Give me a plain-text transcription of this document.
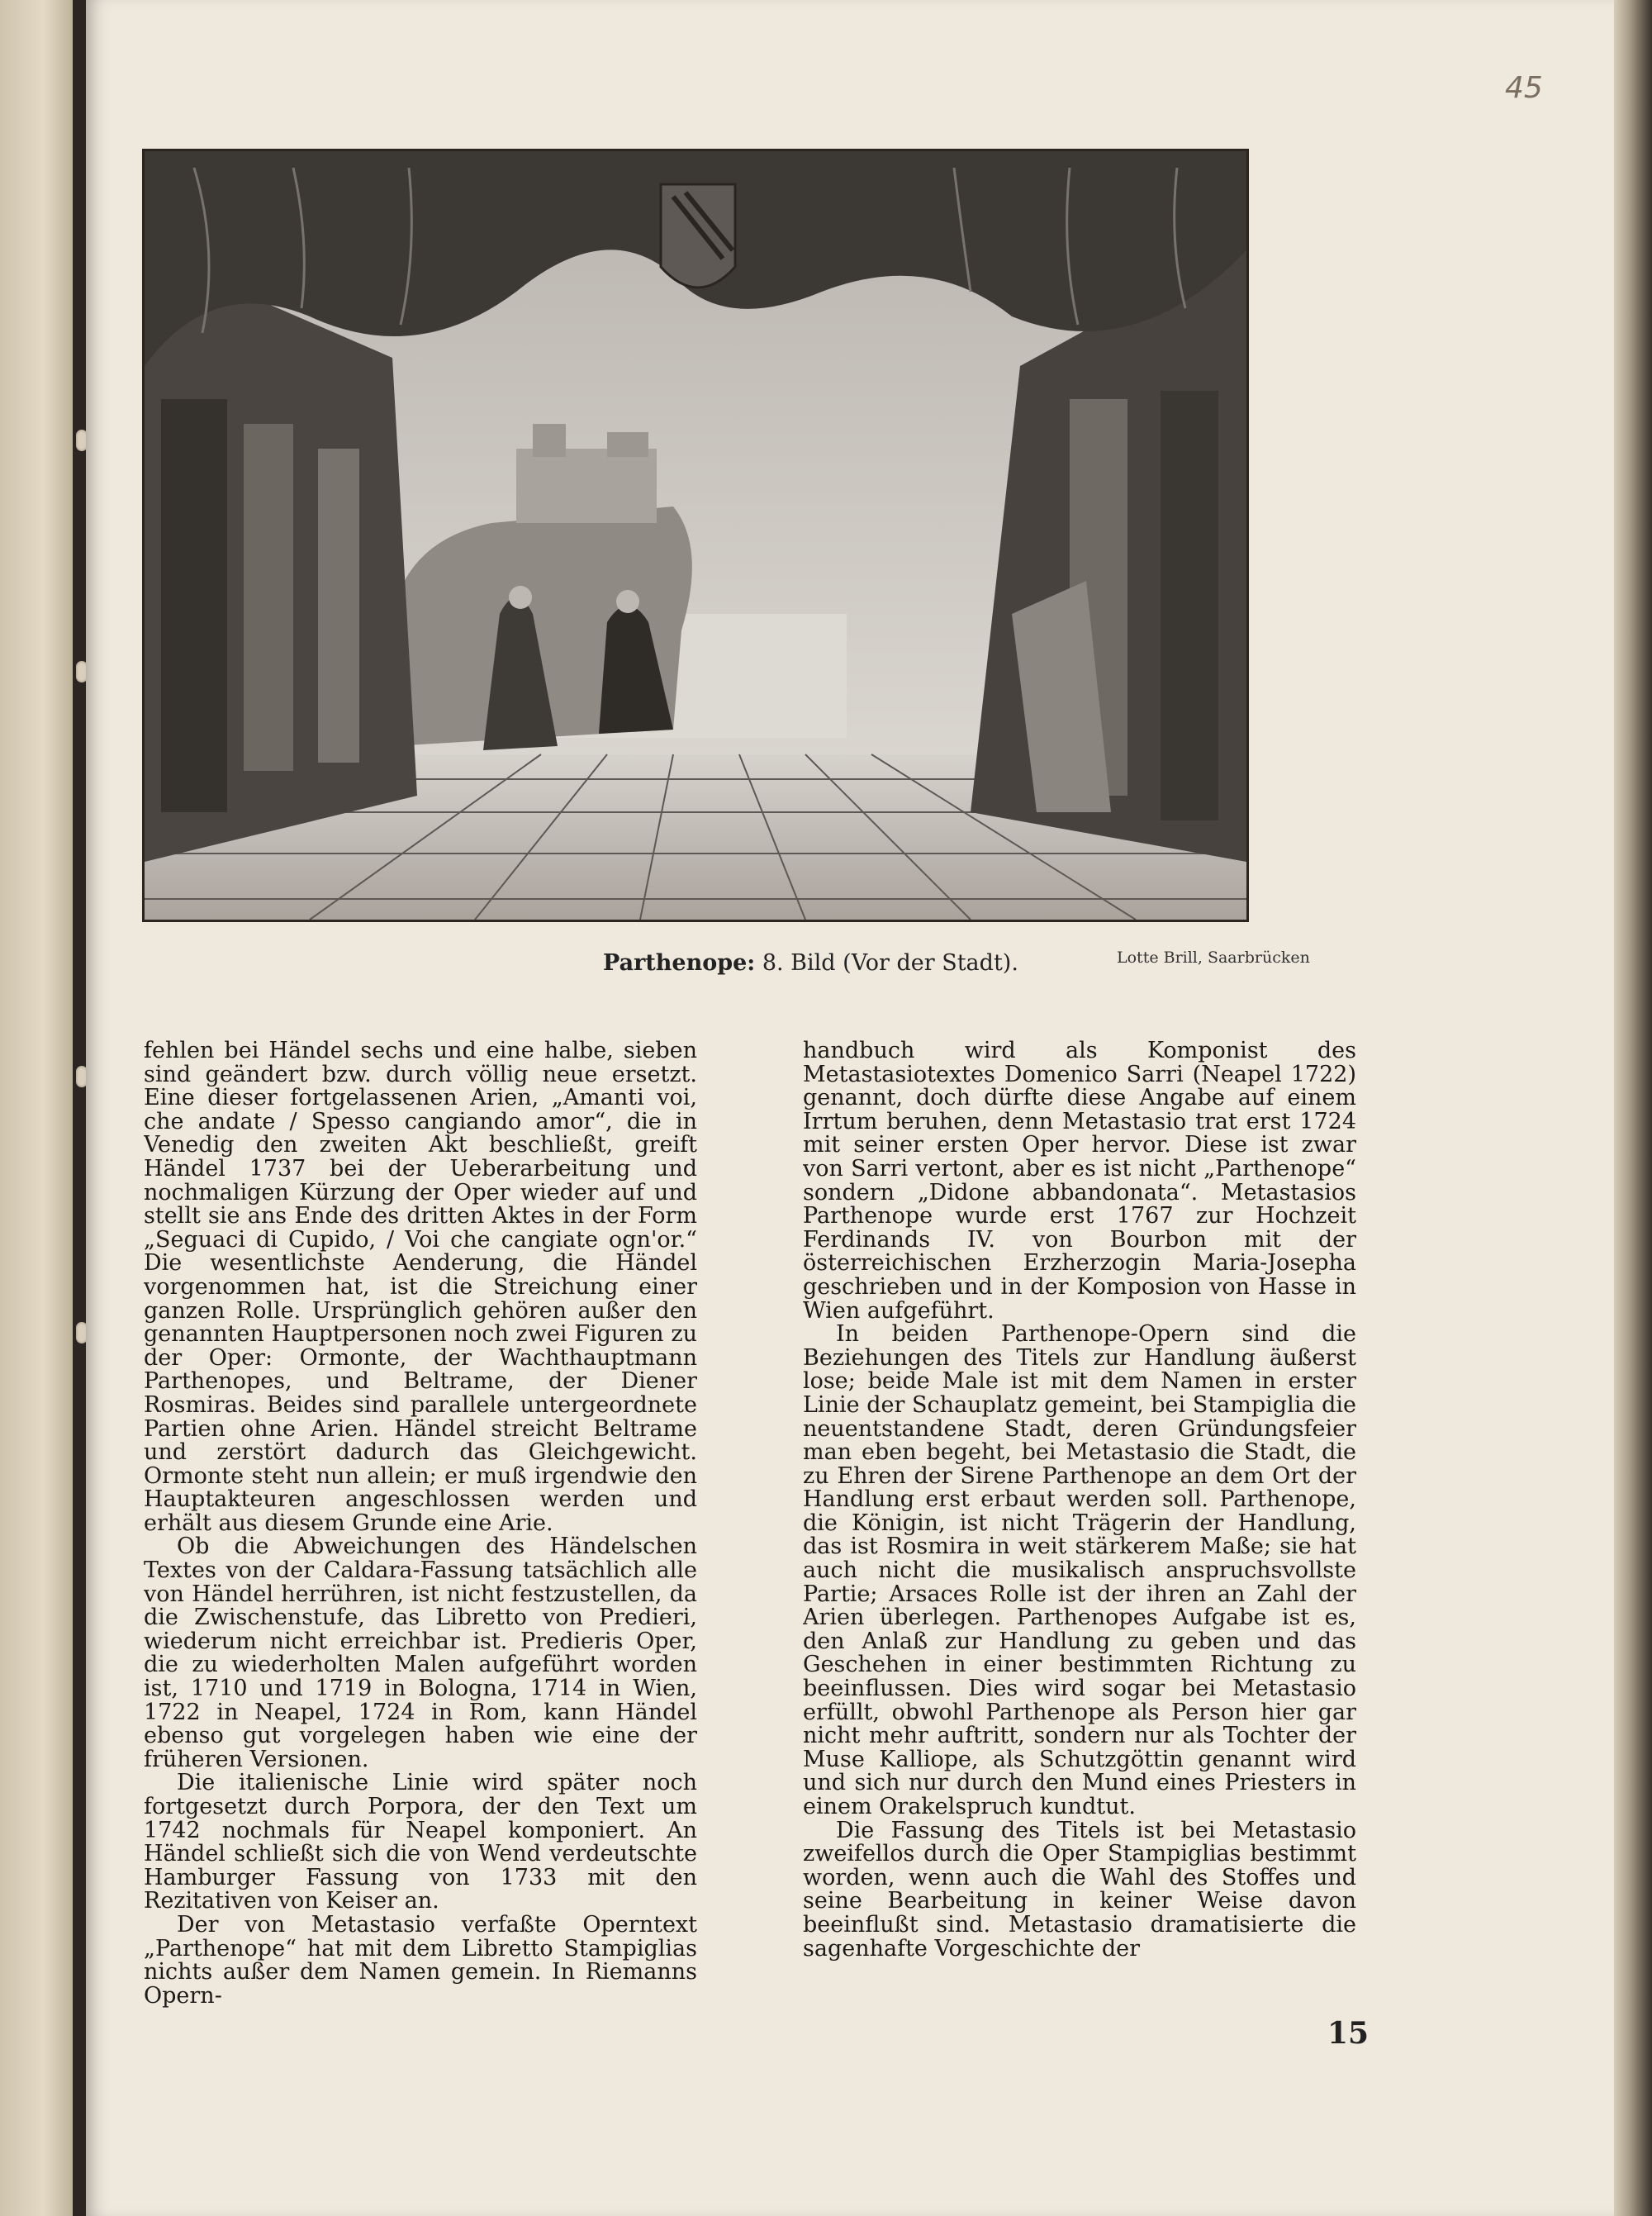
45
Parthenope: 8. Bild (Vor der Stadt).	Lotte Brill, Saarbrücken

fehlen bei Händel sechs und eine halbe, sieben sind geändert bzw. durch völlig neue ersetzt. Eine dieser fortgelassenen Arien, „Amanti voi, che andate / Spesso cangiando amor“, die in Venedig den zweiten Akt beschließt, greift Händel 1737 bei der Ueberarbeitung und nochmaligen Kürzung der Oper wieder auf und stellt sie ans Ende des dritten Aktes in der Form „Seguaci di Cupido, / Voi che cangiate ogn'or.“ Die wesentlichste Aenderung, die Händel vorgenommen hat, ist die Streichung einer ganzen Rolle. Ursprünglich gehören außer den genannten Hauptpersonen noch zwei Figuren zu der Oper: Ormonte, der Wachthauptmann Parthenopes, und Beltrame, der Diener Rosmiras. Beides sind parallele untergeordnete Partien ohne Arien. Händel streicht Beltrame und zerstört dadurch das Gleichgewicht. Ormonte steht nun allein; er muß irgendwie den Hauptakteuren angeschlossen werden und erhält aus diesem Grunde eine Arie.

Ob die Abweichungen des Händelschen Textes von der Caldara-Fassung tatsächlich alle von Händel herrühren, ist nicht festzustellen, da die Zwischenstufe, das Libretto von Predieri, wiederum nicht erreichbar ist. Predieris Oper, die zu wiederholten Malen aufgeführt worden ist, 1710 und 1719 in Bologna, 1714 in Wien, 1722 in Neapel, 1724 in Rom, kann Händel ebenso gut vorgelegen haben wie eine der früheren Versionen.

Die italienische Linie wird später noch fortgesetzt durch Porpora, der den Text um 1742 nochmals für Neapel komponiert. An Händel schließt sich die von Wend verdeutschte Hamburger Fassung von 1733 mit den Rezitativen von Keiser an.

Der von Metastasio verfaßte Operntext „Parthenope“ hat mit dem Libretto Stampiglias nichts außer dem Namen gemein. In Riemanns Opern-

handbuch wird als Komponist des Metastasiotextes Domenico Sarri (Neapel 1722) genannt, doch dürfte diese Angabe auf einem Irrtum beruhen, denn Metastasio trat erst 1724 mit seiner ersten Oper hervor. Diese ist zwar von Sarri vertont, aber es ist nicht „Parthenope“ sondern „Didone abbandonata“. Metastasios Parthenope wurde erst 1767 zur Hochzeit Ferdinands IV. von Bourbon mit der österreichischen Erzherzogin Maria-Josepha geschrieben und in der Komposion von Hasse in Wien aufgeführt.

In beiden Parthenope-Opern sind die Beziehungen des Titels zur Handlung äußerst lose; beide Male ist mit dem Namen in erster Linie der Schauplatz gemeint, bei Stampiglia die neuentstandene Stadt, deren Gründungsfeier man eben begeht, bei Metastasio die Stadt, die zu Ehren der Sirene Parthenope an dem Ort der Handlung erst erbaut werden soll. Parthenope, die Königin, ist nicht Trägerin der Handlung, das ist Rosmira in weit stärkerem Maße; sie hat auch nicht die musikalisch anspruchsvollste Partie; Arsaces Rolle ist der ihren an Zahl der Arien überlegen. Parthenopes Aufgabe ist es, den Anlaß zur Handlung zu geben und das Geschehen in einer bestimmten Richtung zu beeinflussen. Dies wird sogar bei Metastasio erfüllt, obwohl Parthenope als Person hier gar nicht mehr auftritt, sondern nur als Tochter der Muse Kalliope, als Schutzgöttin genannt wird und sich nur durch den Mund eines Priesters in einem Orakelspruch kundtut.

Die Fassung des Titels ist bei Metastasio zweifellos durch die Oper Stampiglias bestimmt worden, wenn auch die Wahl des Stoffes und seine Bearbeitung in keiner Weise davon beeinflußt sind. Metastasio dramatisierte die sagenhafte Vorgeschichte der

15
